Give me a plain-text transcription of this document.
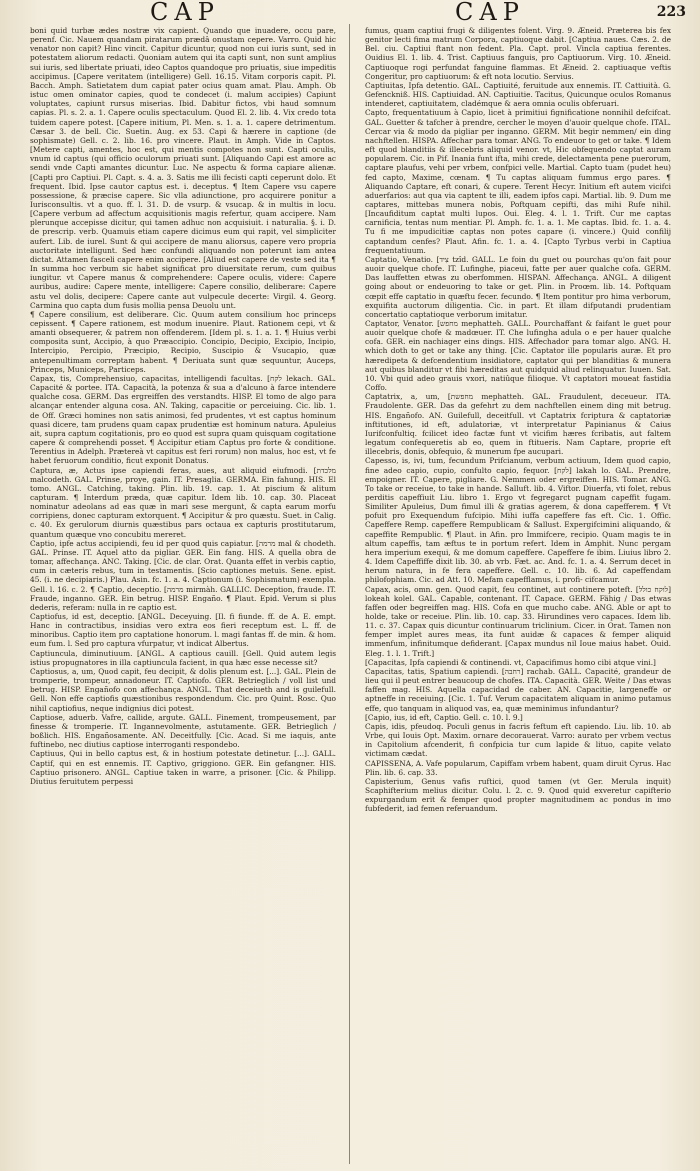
CAP	CAP	223

boni quid turbæ ædes nostræ vix capient. Quando que inuadere, occu pare, perenf. Cic. Nauem quandam piratarum prædâ onustam cepere. Varro. Quid hic venator non capit? Hinc vincit. Capitur dicuntur, quod non cui iuris sunt, sed in potestatem aliorum redacti. Quoniam autem qui ita capti sunt, non sunt amplius sui iuris, sed libertate priuati, ideo Captos quandoque pro priuatis, siue impeditis accipimus. [Capere veritatem (intelligere) Gell. 16.15. Vitam corporis capit. Pl. Bacch. Amph. Satietatem dum capiat pater ocius quam amat. Plau. Amph. Ob istuc omen ominator capies, quod te condecet (i. malum accipies) Capiunt voluptates, capiunt rursus miserias. Ibid. Dabitur fictos, vbi haud somnum capias. Pl. s. 2. a. 1. Capere oculis spectaculum. Quod El. 2. lib. 4. Vix credo tota tuidem capere potest. [Capere initium, Pl. Men. s. 1. a. 1. capere detrimentum. Cæsar 3. de bell. Cic. Suetin. Aug. ex 53. Capi & hærere in captione (de sophismate) Gell. c. 2. lib. 16. pro vincere. Plaut. in Amph. Vide in Captos. [Metere capti, amentes, hoc est, qui mentis compotes non sunt. Capti oculis, vnum id captus (qui officio oculorum priuati sunt. [Aliquando Capi est amore ac sendi vnde Capti amantes dicuntur. Luc. Ne aspectu & forma capiare alienæ. [Capti pro Captiui. Pl. Capt. s. 4. a. 3. Satis me illi fecisti capti ceperunt dolo. Et frequent. Ibid. Ipse cautor captus est. i. deceptus. ¶ Item Capere vsu capere possessione, & præcise capere. Sic vlla adiunctione, pro acquirere ponitur a Iurisconsultis. vt a quo. ff. l. 31. D. de vsurp. & vsucap. & in multis in locu. [Capere verbum ad affectum acquisitionis magis refertur, quam accipere. Nam plerunque accepisse dicitur, qui tamen adhuc non acquisiuit. i naturalia. §. i. D. de prescrip. verb. Quamuis etiam capere dicimus eum qui rapit, vel simpliciter aufert. Lib. de iurel. Sunt & qui accipere de manu aliorsus, capere vero propria auctoritate intelligunt. Sed hæc confundi aliquando non poterunt iam antea dictat. Attamen fasceli capere enim accipere. [Aliud est capere de veste sed ita ¶ In summa hoc verbum sic habet significat pro diuersitate rerum, cum quibus iungitur. vt Capere manus & comprehendere: Capere oculis, videre: Capere auribus, audire: Capere mente, intelligere: Capere consilio, deliberare: Capere astu vel dolis, decipere: Capere cante aut vulpecule decerte: Virgil. 4. Georg. Carmina quo capta dum fusis mollia pensa Deuolu unt.

¶ Capere consilium, est deliberare. Cic. Quum autem consilium hoc princeps cepissent. ¶ Capere rationem, est modum inuenire. Plaut. Rationem cepi, vt & amanti obsequerer, & patrem non offenderem. [Idem pl. s. 1. a. 1. ¶ Huius verbi composita sunt, Accipio, à quo Præaccipio. Concipio, Decipio, Excipio, Incipio, Intercipio, Percipio, Præcipio, Recipio, Suscipio & Vsucapio, quæ antepenultimam correptam habent. ¶ Deriuata sunt quæ sequuntur, Auceps, Princeps, Municeps, Particeps.

Capax, tis, Comprehensiuo, capacitas, intelligendi facultas. [לקח lekach. GAL. Capacité & portee. ITA. Capacità, la potenza & sua a d'alcuno à farce intendere qualche cosa. GERM. Das ergreiffen des verstandts. HISP. El tomo de algo para alcançar entender alguna cosa. AN. Taking, capacitie or perceiuing. Cic. lib. 1. de Off. Græci homines non satis animosi, fed prudentes, vt est captus hominum quasi dicere, tam prudens quam capax prudentiæ est hominum natura. Apuleius ait, supra captum cogitationis, pro eo quod est supra quam quisquam cogitatione capere & comprehendi posset. ¶ Accipitur etiam Captus pro forte & conditione. Terentius in Adelph. Prætereà vt capitus est feri rorum) non malus, hoc est, vt fe habet feruorum conditio, ficut exponit Donatus.

Captura, æ, Actus ipse capiendi feras, aues, aut aliquid eiufmodi. [מלכדת malcodeth. GAL. Prinse, proye, gain. IT. Presaglia. GERMA. Ein fahung. HIS. El tomo. ANGL. Catching, taking. Plin. lib. 19. cap. 1. At piscium & alitum capturam. ¶ Interdum præda, quæ capitur. Idem lib. 10. cap. 30. Placeat nominatur adeolans ad eas quæ in mari sese mergunt, & capta earum morfu corripiens, donec capturam extorquent. ¶ Accipitur & pro quæstu. Suet. in Calig. c. 40. Ex gerulorum diurnis quæstibus pars octaua ex capturis prostitutarum, quantum quæque vno concubitu mereret.

Captio, ipfe actus accipiendi, feu id per quod quis capiatur. [מרמה mal & chodeth. GAL. Prinse. IT. Aquel atto da pigliar. GER. Ein fang. HIS. A quella obra de tomar, affechança. ANC. Taking. [Cic. de clar. Orat. Quanta effet in verbis captio, cum in cæteris rebus, tum in testamentis. [Scio captiones metuis. Sene. epist. 45. (i. ne decipiaris.) Plau. Asin. fc. 1. a. 4. Captionum (i. Sophismatum) exempla. Gell. l. 16. c. 2. ¶ Captio, deceptio. [מרמה mirmàh. GALLIC. Deception, fraude. IT. Fraude, inganno. GER. Ein betrug. HISP. Engaño. ¶ Plaut. Epid. Verum si plus dederis, referam: nulla in re captio est.

Captiofus, id est, deceptio. [ANGL. Deceyuing. [Il. fi fiunde. ff. de A. E. empt. Hanc in contractibus, insidias vero extra eos fieri receptum est. L. ff. de minoribus. Captio item pro captatione honorum. l. magi fantas ff. de min. & hom. eum fum. l. Sed pro captura vfurpatur, vt indicat Albertus.

Captiuncula, diminutiuum. [ANGL. A captious cauill. [Gell. Quid autem legis istius propugnatores in illa captiuncula facient, in qua hæc esse necesse sit?

Captiosus, a, um, Quod capit, feu decipit, & dolis plenum est. [...]. GAL. Plein de tromperie, trompeur, annadoneur. IT. Captiofo. GER. Betrieglich / voll list und betrug. HISP. Engañofo con affechança. ANGL. That deceiueth and is guilefull. Gell. Non effe captiofis quæstionibus respondendum. Cic. pro Quint. Rosc. Quo nihil captiofius, neque indignius dici potest.

Captiose, aduerb. Vafre, callide, argute. GALL. Finement, trompeusement, par finesse & tromperie. IT. Ingannevolmente, astutamente. GER. Betrieglich / boßlich. HIS. Engañosamente. AN. Deceitfully. [Cic. Acad. Si me iaquis, ante fuftinebo, nec diutius captiose interroganti respondebo.

Captiuus, Qui in bello captus est, & in hostium potestate detinetur. [...]. GALL. Captif, qui en est ennemis. IT. Captivo, griggiono. GER. Ein gefangner. HIS. Captiuo prisonero. ANGL. Captiue taken in warre, a prisoner. [Cic. & Philipp. Diutius feruitutem perpessi

fumus, quam captiui frugi & diligentes folent. Virg. 9. Æneid. Præterea bis fex genitor lecti fima matrum Corpora, captiuoque dabit. [Captiua naues. Cæs. 2. de Bel. ciu. Captiui ftant non fedent. Pla. Capt. prol. Vincla captiua ferentes. Ouidius El. 1. lib. 4. Trist. Captiuus fanguis, pro Captiuorum. Virg. 10. Æneid. Captiuoque rogi perfundat fanguine flammas. Et Æneid. 2. captiuaque veftis Congeritur, pro captiuorum: & eft nota locutio. Servius.

Captiuitas, Ipfa detentio. GAL. Captiuité, feruitude aux ennemis. IT. Cattiuità. G. Gefenckniß. HIS. Captiuidad. AN. Captiuitie. Tacitus, Quicunque oculos Romanus intenderet, captiuitatem, cladémque & aera omnia oculis obferuari.

Capto, frequentatiuum à Capio, licet à primitiui fignificatione nonnihil defcifcat. GAL. Guetter & tafcher à prendre, cercher le moyen d'auoir quelque chofe. ITAL. Cercar via & modo da pigliar per inganno. GERM. Mit begir nemmen/ ein ding nachftellen. HISPA. Affechar para tomar. ANG. To endeuor to get or take. ¶ Idem eft quod blanditiis & illecebris aliquid venor. vt, Hic obfequendo captat auram popularem. Cic. in Pif. Inania funt ifta, mihi crede, delectamenta pene puerorum, captare plaufus, vehi per vrbem, confpici velle. Martial. Capto tuam (pudet heu) fed capto, Maxime, cœnam. ¶ Tu captas aliquam fummus ergo pares. ¶ Aliquando Captare, eft conari, & cupere. Terent Hecyr. Initium eft autem vicifci aduerfarios: aut qua via captent te illi, eadem ipfos capi. Martial. lib. 9. Dum me captares, mittebas munera nobis, Poftquam cepifti, das mihi Rufe nihil. [Incaufiditum captat multi lupos. Oui. Eleg. 4. l. 1. Trift. Cur me captas carnificia, tentas num mentiar. Pl. Amph. fc. 1. a. 1. Me captas. Ibid. fc. 1. a. 4. Tu fi me impudicitiæ captas non potes capare (i. vincere.) Quid confilij captandum cenfes? Plaut. Afin. fc. 1. a. 4. [Capto Tyrbus verbi in Captiua frequentatiuum.

Captatio, Venatio. [צִיד tzîd. GALL. Le foin du guet ou pourchas qu'on fait pour auoir quelque chofe. IT. Lufinghe, piaceui, fatte per auer qualche cofa. GERM. Das lauffetten etwas zu oberfommen. HISPAN. Affechança. ANGL. A diligent going about or endeuoring to take or get. Plin. in Proœm. lib. 14. Poftquam cœpit effe captatio in quæftu fecer. fecundo. ¶ Item pontitur pro hima verborum, exquifita auctorum diligentia. Cic. in part. Et illam difputandi prudentiam concertatio captatioque verborum imitatur.

Captator, Venator. [מחפש mephatteh. GALL. Pourchaffant & faifant le guet pour auoir quelque chofe & madœuer. IT. Che lufingha adula o e per hauer qualche cofa. GER. ein nachiager eins dings. HIS. Affechador para tomar algo. ANG. H. which doth to get or take any thing. [Cic. Captator ille popularis auræ. Et pro hæredipeta & defcendentium insidiatore, captator qui per blanditias & munera aut quibus blanditur vt fibi hæreditas aut quidquid aliud relinquatur. Iuuen. Sat. 10. Vbi quid adeo grauis vxori, natiûque filioque. Vt captatori moueat fastidia Coffo.

Captatrix, a, um, [מחפשת mephatteh. GAL. Fraudulent, deceueur. ITA. Fraudolente. GER. Das da gefehrt zu dem nachftellen einem ding mit betrug. HIS. Engañofo. AN. Guilefull, deceitfull. vt Captatrix fcriptura & captatoriæ inftitutiones, id eft, adulatoriæ, vt interpretatur Papinianus & Caius Iurifconfultiq. fcilicet ideo factæ funt vt vicifim hæres fcribatis, aut faltem legatum confequeretis ab eo, quem in ftitueris. Nam Captare, proprie eft illecebris, donis, obfequio, & munerum fpe aucupari.

Capesso, is, ivi, tum, fecundum Prifcianum, verbum actiuum, Idem quod capio, fine adeo capio, cupio, confulto capio, fequor. [לקח] lakah lo. GAL. Prendre, empoigner. IT. Capere, pigliare. G. Nemmen oder ergreiffen. HIS. Tomar. ANG. To take or receiue, to take in hande. Salluft. lib. 4. Viftor. Diuerfa, vti folet, rebus perditis capeffiuit Liu. libro 1. Ergo vt fegregarct pugnam capeffit fugam. Similiter Apuleius, Dum fimul illi & gratias agerem, & dona capefferem. ¶ Vt pofuit pro Exequendum fufcipio. Mihi iuffa capeffere fas eft. Cic. 1. Offic. Capeffere Remp. capeffere Rempublicam & Sallust. Expergifcimini aliquando, & capeffite Rempublic. ¶ Plaut. in Afin. pro Immifcere, recipio. Quam magis te in altum capeffis, tam æftus te in portum refert. Idem in Amphit. Nunc pergam hera imperium exequi, & me domum capeffere. Capeffere fe ibim. Liuius libro 2. 4. Idem Capeffiffe dixit lib. 30. ab vrb. Fæt. ac. And. fc. 1. a. 4. Serrum decet in herum natura, in fe fera capeffere. Gell. c. 10. lib. 6. Ad capeffendam philofophiam. Cic. ad Att. 10. Mefam capefflamus, i. profi- cifcamur.

Capax, acis, omn. gen. Quod capit, feu continet, aut continere poteft. [לוקח כולל] lokeah kolel. GAL. Capable, contenant. IT. Capace. GERM. Fähig / Das etwas faffen oder begreiffen mag. HIS. Cofa en que mucho cabe. ANG. Able or apt to holde, take or receiue. Plin. lib. 10. cap. 33. Hirundines vero capaces. Idem lib. 11. c. 37. Capax quis dicuntur continuarum triclinium. Cicer. in Orat. Tamen non femper implet aures meas, ita funt auidæ & capaces & femper aliquid immenfum, infinitumque defiderant. [Capax mundus nil Ioue maius habet. Ouid. Eleg. 1. l. 1. Trift.]

[Capacitas, Ipfa capiendi & continendi. vt, Capacifimus homo cibi atque vini.]

Capacitas, tatis, Spatium capiendi. [רחבה] rachab. GALL. Capacité, grandeur de lieu qui il peut entrer beaucoup de chofes. ITA. Capacità. GER. Weite / Das etwas faffen mag. HIS. Aquella capacidad de caber. AN. Capacitie, largeneffe or aptneffe in receiuing. [Cic. 1. Tuf. Verum capacitatem aliquam in animo putamus effe, quo tanquam in aliquod vas, ea, quæ meminimus infundantur?

[Capio, ius, id eft, Captio. Gell. c. 10. l. 9.]

Capis, idis, pfeudoq. Poculi genus in facris feftum eft capiendo. Liu. lib. 10. ab Vrbe, qui Iouis Opt. Maxim. ornare decorauerat. Varro: aurato per vrbem vectus in Capitolium afcenderit, fi confpicia tur cum lapide & lituo, capite velato victimam cædat.

CAPISSENA, A. Vafe popularum, Capiffam vrbem habent, quam diruit Cyrus. Hac Plin. lib. 6. cap. 33.

Capisterium, Genus vafis ruftici, quod tamen (vt Ger. Merula inquit) Scaphifterium melius dicitur. Colu. l. 2. c. 9. Quod quid exveretur capifterio expurgandum erit & femper quod propter magnitudinem ac pondus in imo fubfederit, iad femen referuandum.
